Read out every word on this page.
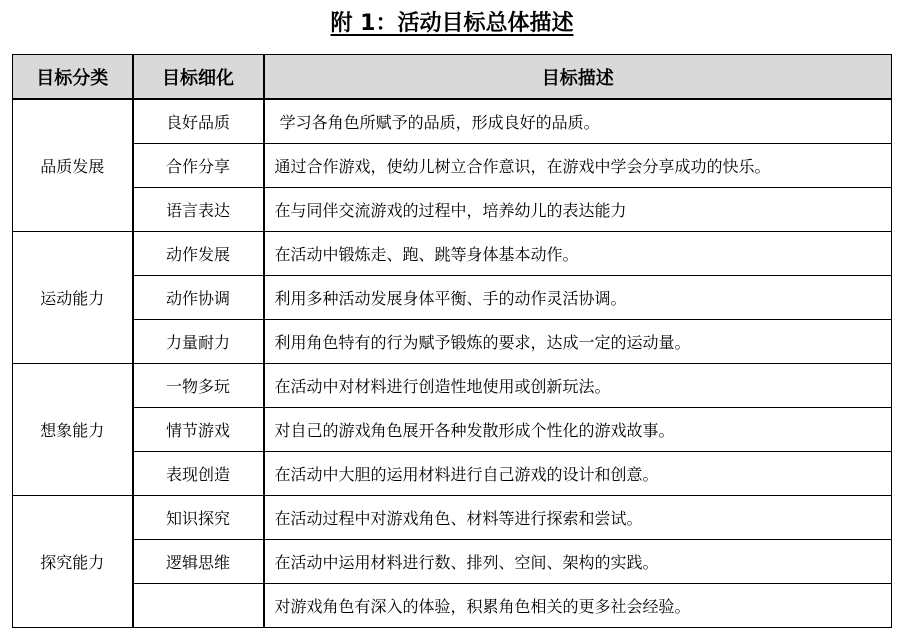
附 1：活动目标总体描述
目标分类	目标细化	目标描述
品质发展	良好品质	学习各角色所赋予的品质，形成良好的品质。
	合作分享	通过合作游戏，使幼儿树立合作意识，在游戏中学会分享成功的快乐。
	语言表达	在与同伴交流游戏的过程中，培养幼儿的表达能力
运动能力	动作发展	在活动中锻炼走、跑、跳等身体基本动作。
	动作协调	利用多种活动发展身体平衡、手的动作灵活协调。
	力量耐力	利用角色特有的行为赋予锻炼的要求，达成一定的运动量。
想象能力	一物多玩	在活动中对材料进行创造性地使用或创新玩法。
	情节游戏	对自己的游戏角色展开各种发散形成个性化的游戏故事。
	表现创造	在活动中大胆的运用材料进行自己游戏的设计和创意。
探究能力	知识探究	在活动过程中对游戏角色、材料等进行探索和尝试。
	逻辑思维	在活动中运用材料进行数、排列、空间、架构的实践。
		对游戏角色有深入的体验，积累角色相关的更多社会经验。
